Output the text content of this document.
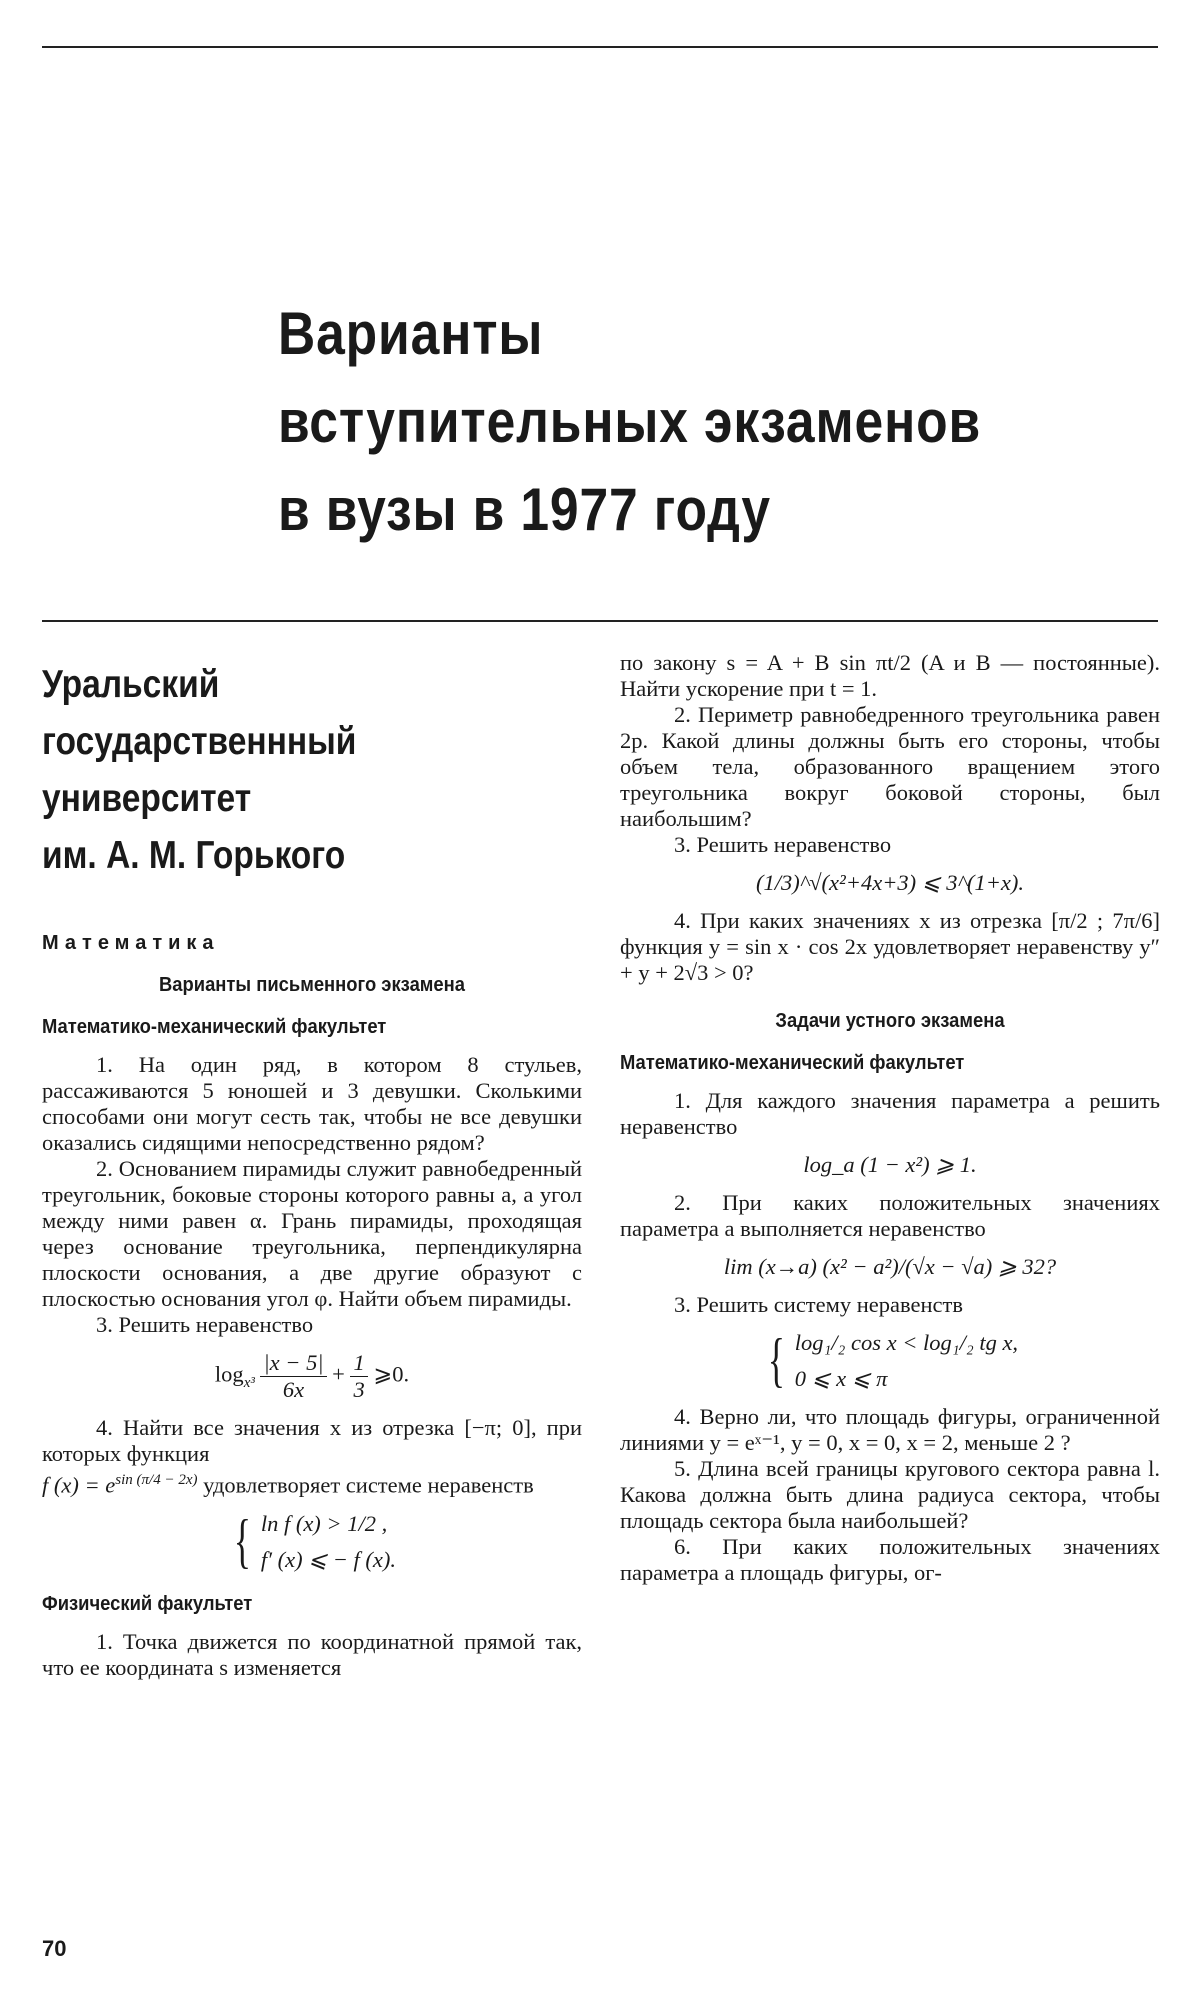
Варианты
вступительных экзаменов
в вузы в 1977 году
Уральский
государственнный
университет
им. А. М. Горького
Математика
Варианты письменного экзамена
Математико-механический факультет

1. На один ряд, в котором 8 стульев, рассаживаются 5 юношей и 3 девушки. Сколькими способами они могут сесть так, чтобы не все девушки оказались сидящими непосредственно рядом?

2. Основанием пирамиды служит равнобедренный треугольник, боковые стороны которого равны a, а угол между ними равен α. Грань пирамиды, проходящая через основание треугольника, перпендикулярна плоскости основания, а две другие образуют с плоскостью основания угол φ. Найти объем пирамиды.

3. Решить неравенство

$\log_{x^3} \frac{|x - 5|}{6x} + \frac{1}{3}$ ⩾0.

4. Найти все значения x из отрезка [−π; 0], при которых функция

f $(x) = e^{sin (\pi/4 - 2x)}$ удовлетворяет системе неравенств

{ ln f (x) > 1/2 ,
f′ (x) ⩽ − f (x).
Физический факультет

1. Точка движется по координатной прямой так, что ее координата s изменяется

по закону s = A + B sin πt/2 (A и B — постоянные). Найти ускорение при t = 1.

2. Периметр равнобедренного треугольника равен 2p. Какой длины должны быть его стороны, чтобы объем тела, образованного вращением этого треугольника вокруг боковой стороны, был наибольшим?

3. Решить неравенство

(1/3)^√(x²+4x+3) ⩽ 3^(1+x).

4. При каких значениях x из отрезка [π/2 ; 7π/6] функция y = sin x · cos 2x удовлетворяет неравенству y″ + y + 2√3 > 0?

Задачи устного экзамена
Математико-механический факультет

1. Для каждого значения параметра a решить неравенство

log_a (1 − x²) ⩾ 1.

2. При каких положительных значениях параметра a выполняется неравенство

lim (x→a) (x² − a²)/(√x − √a) ⩾ 32?

3. Решить систему неравенств

{ log₁/₂ cos x < log₁/₂ tg x,
0 ⩽ x ⩽ π

4. Верно ли, что площадь фигуры, ограниченной линиями y = eˣ⁻¹, y = 0, x = 0, x = 2, меньше 2 ?

5. Длина всей границы кругового сектора равна l. Какова должна быть длина радиуса сектора, чтобы площадь сектора была наибольшей?

6. При каких положительных значениях параметра a площадь фигуры, ог-

70
